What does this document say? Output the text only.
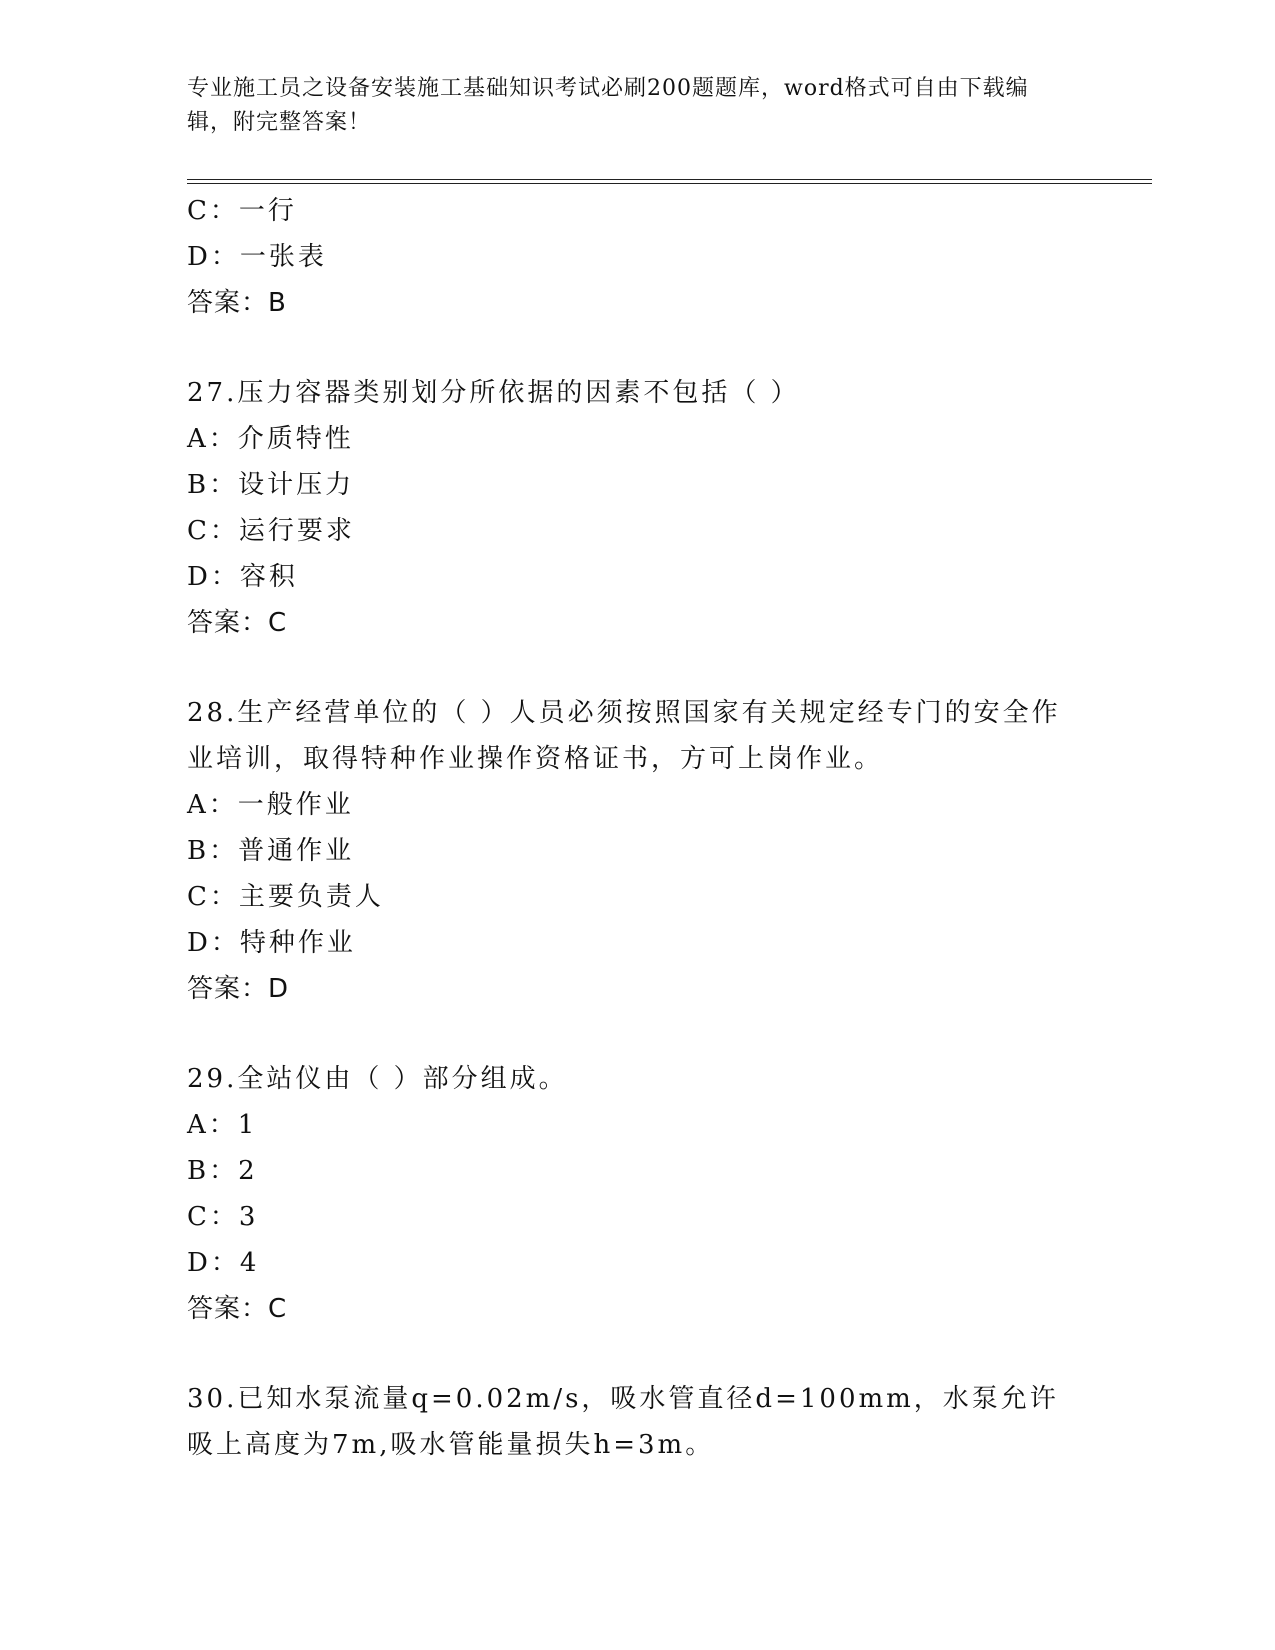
专业施工员之设备安装施工基础知识考试必刷200题题库，word格式可自由下载编辑，附完整答案！
C：一行
D：一张表
答案：B
27.压力容器类别划分所依据的因素不包括（ ）
A：介质特性
B：设计压力
C：运行要求
D：容积
答案：C
28.生产经营单位的（ ）人员必须按照国家有关规定经专门的安全作业培训，取得特种作业操作资格证书，方可上岗作业。
A：一般作业
B：普通作业
C：主要负责人
D：特种作业
答案：D
29.全站仪由（ ）部分组成。
A：1
B：2
C：3
D：4
答案：C
30.已知水泵流量q=0.02m/s，吸水管直径d=100mm，水泵允许吸上高度为7m,吸水管能量损失h=3m。
